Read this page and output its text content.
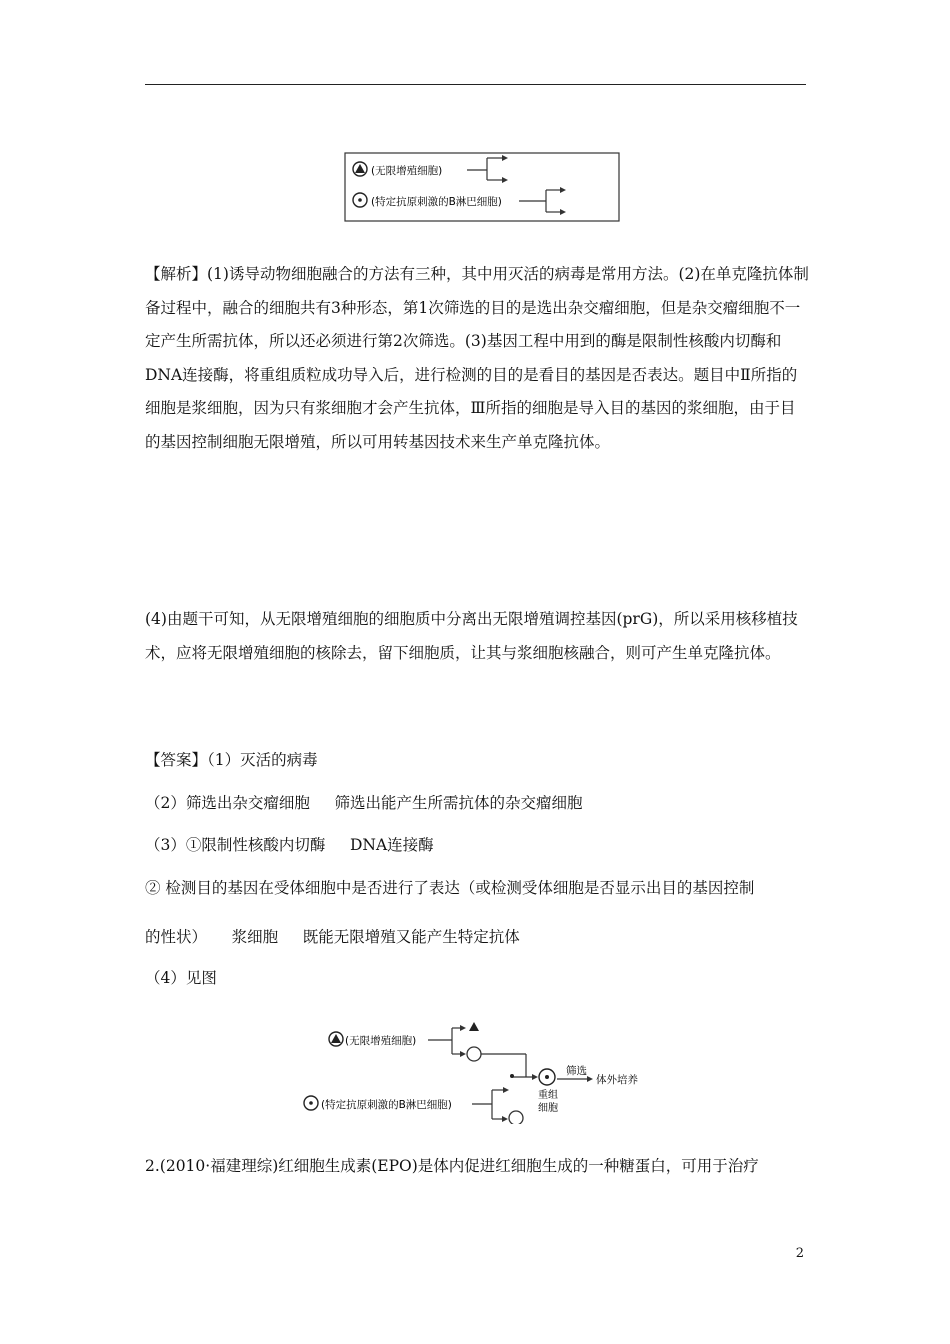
(无限增殖细胞)
(特定抗原刺激的B淋巴细胞)
【解析】(1)诱导动物细胞融合的方法有三种，其中用灭活的病毒是常用方法。(2)在单克隆抗体制备过程中，融合的细胞共有3种形态，第1次筛选的目的是选出杂交瘤细胞，但是杂交瘤细胞不一定产生所需抗体，所以还必须进行第2次筛选。(3)基因工程中用到的酶是限制性核酸内切酶和DNA连接酶，将重组质粒成功导入后，进行检测的目的是看目的基因是否表达。题目中Ⅱ所指的细胞是浆细胞，因为只有浆细胞才会产生抗体，Ⅲ所指的细胞是导入目的基因的浆细胞，由于目的基因控制细胞无限增殖，所以可用转基因技术来生产单克隆抗体。
(4)由题干可知，从无限增殖细胞的细胞质中分离出无限增殖调控基因(prG)，所以采用核移植技术，应将无限增殖细胞的核除去，留下细胞质，让其与浆细胞核融合，则可产生单克隆抗体。
【答案】（1）灭活的病毒
（2）筛选出杂交瘤细胞     筛选出能产生所需抗体的杂交瘤细胞
（3）①限制性核酸内切酶     DNA连接酶
② 检测目的基因在受体细胞中是否进行了表达（或检测受体细胞是否显示出目的基因控制
的性状）     浆细胞     既能无限增殖又能产生特定抗体
（4）见图
(无限增殖细胞)
筛选
体外培养
重组
细胞
(特定抗原刺激的B淋巴细胞)
2.(2010·福建理综)红细胞生成素(EPO)是体内促进红细胞生成的一种糖蛋白，可用于治疗
2
